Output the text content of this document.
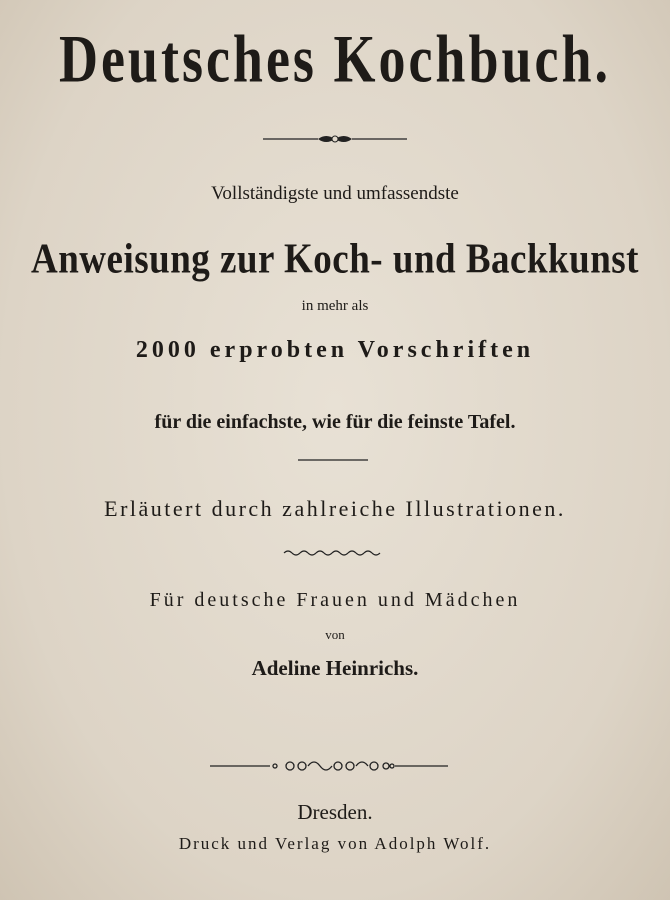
Deutsches Kochbuch.
Vollständigste und umfassendste
Anweisung zur Koch- und Backkunst
in mehr als
2000 erprobten Vorschriften
für die einfachste, wie für die feinste Tafel.
Erläutert durch zahlreiche Illustrationen.
Für deutsche Frauen und Mädchen
von
Adeline Heinrichs.
Dresden.
Druck und Verlag von Adolph Wolf.
